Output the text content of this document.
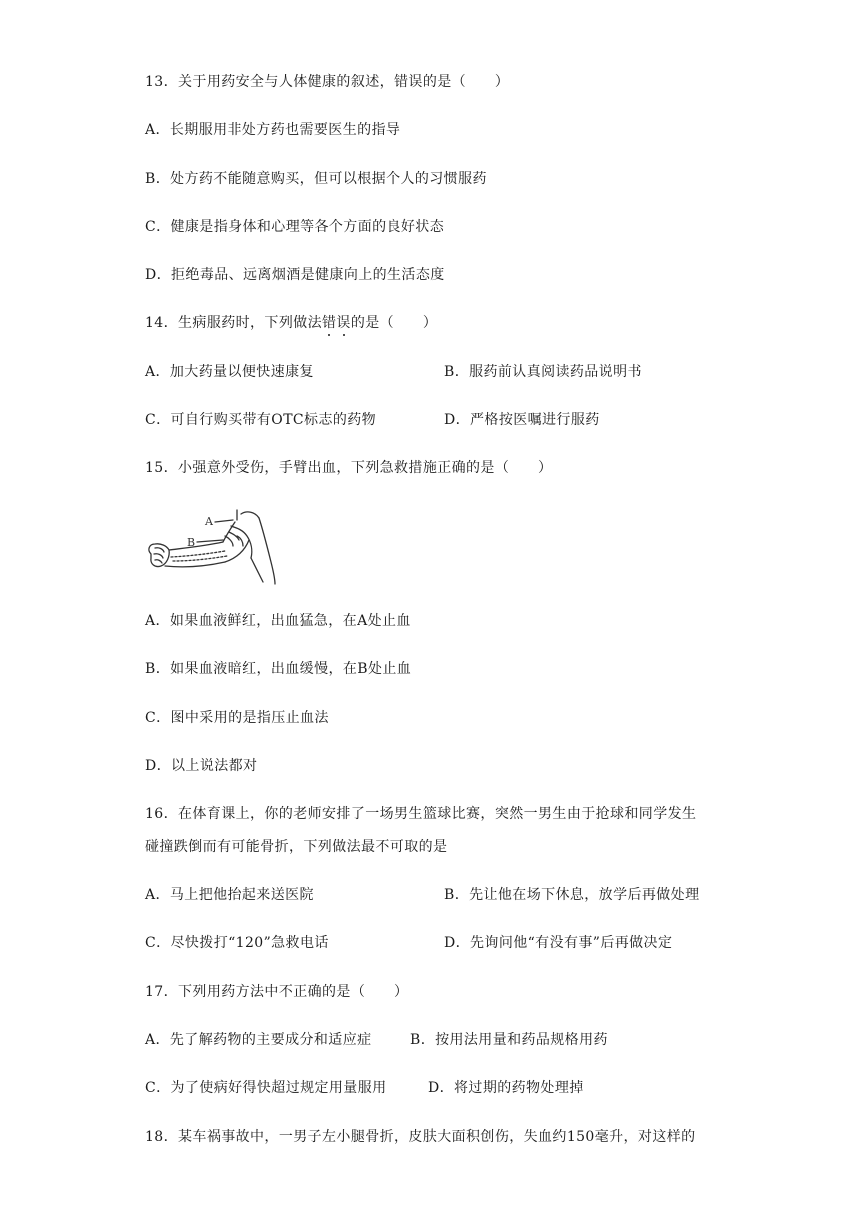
13．关于用药安全与人体健康的叙述，错误的是（　　）
A．长期服用非处方药也需要医生的指导
B．处方药不能随意购买，但可以根据个人的习惯服药
C．健康是指身体和心理等各个方面的良好状态
D．拒绝毒品、远离烟酒是健康向上的生活态度
14．生病服药时，下列做法错误的是（　　）
A．加大药量以便快速康复	B．服药前认真阅读药品说明书
C．可自行购买带有OTC标志的药物	D．严格按医嘱进行服药
15．小强意外受伤，手臂出血，下列急救措施正确的是（　　）
A
B
A．如果血液鲜红，出血猛急，在A处止血
B．如果血液暗红，出血缓慢，在B处止血
C．图中采用的是指压止血法
D．以上说法都对
16．在体育课上，你的老师安排了一场男生篮球比赛，突然一男生由于抢球和同学发生
碰撞跌倒而有可能骨折，下列做法最不可取的是
A．马上把他抬起来送医院	B．先让他在场下休息，放学后再做处理
C．尽快拨打“120”急救电话	D．先询问他“有没有事”后再做决定
17．下列用药方法中不正确的是（　　）
A．先了解药物的主要成分和适应症	B．按用法用量和药品规格用药
C．为了使病好得快超过规定用量服用	D．将过期的药物处理掉
18．某车祸事故中，一男子左小腿骨折，皮肤大面积创伤，失血约150毫升，对这样的
